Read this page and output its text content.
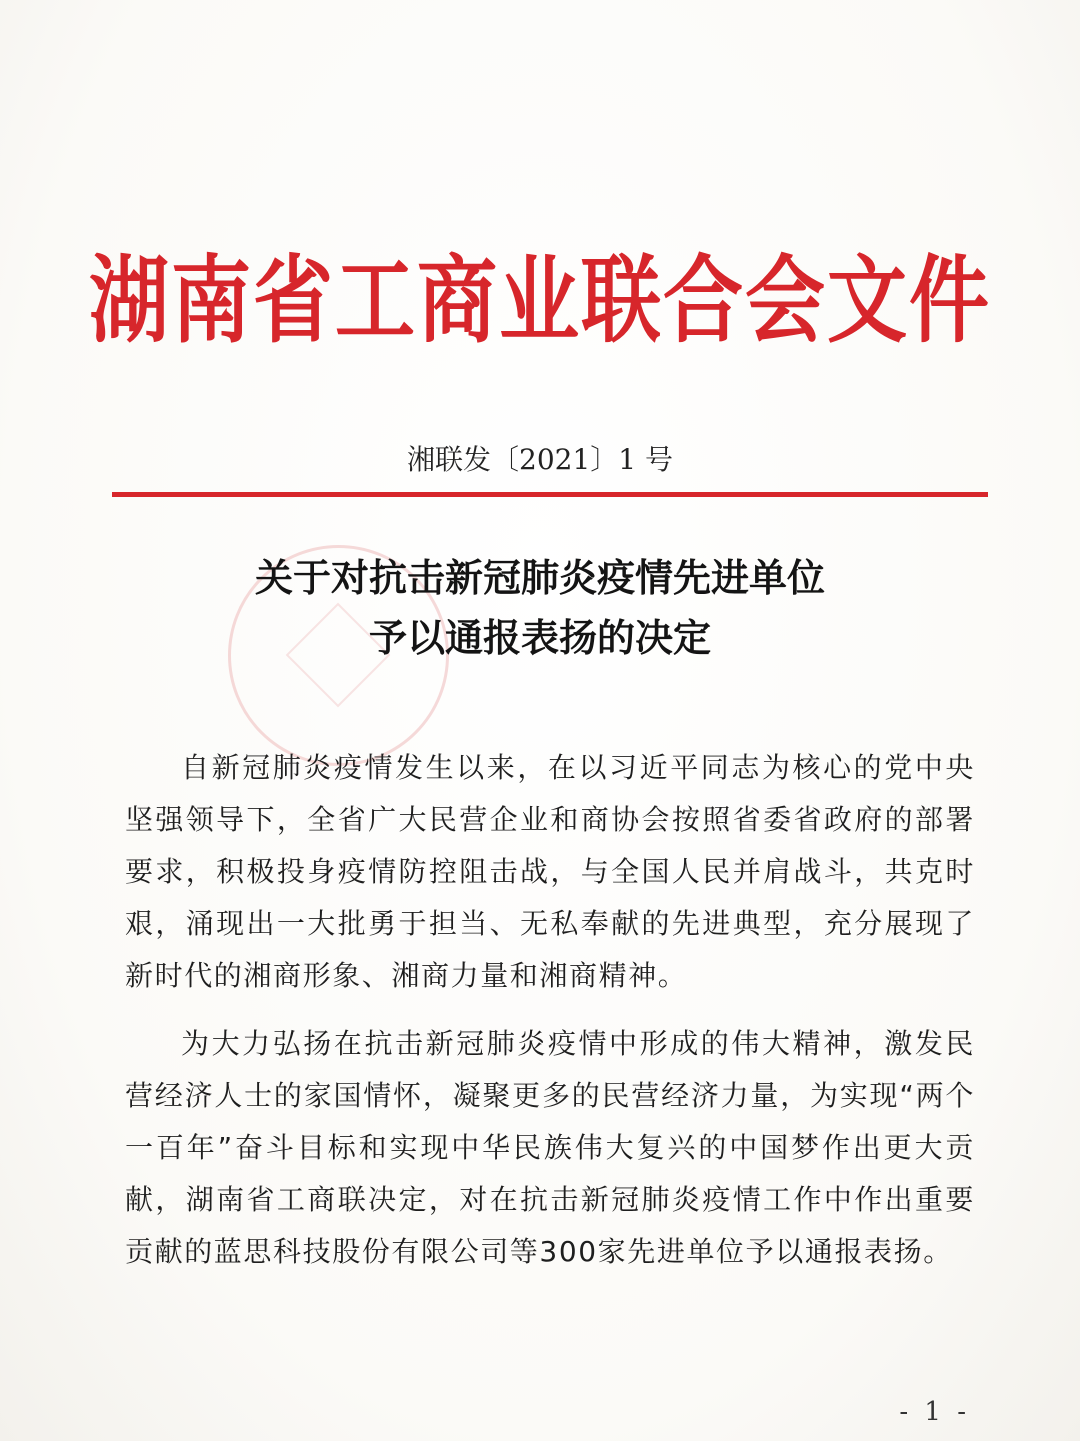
湖南省工商业联合会文件
湘联发〔2021〕1 号
关于对抗击新冠肺炎疫情先进单位
予以通报表扬的决定

自新冠肺炎疫情发生以来，在以习近平同志为核心的党中央坚强领导下，全省广大民营企业和商协会按照省委省政府的部署要求，积极投身疫情防控阻击战，与全国人民并肩战斗，共克时艰，涌现出一大批勇于担当、无私奉献的先进典型，充分展现了新时代的湘商形象、湘商力量和湘商精神。

为大力弘扬在抗击新冠肺炎疫情中形成的伟大精神，激发民营经济人士的家国情怀，凝聚更多的民营经济力量，为实现“两个一百年”奋斗目标和实现中华民族伟大复兴的中国梦作出更大贡献，湖南省工商联决定，对在抗击新冠肺炎疫情工作中作出重要贡献的蓝思科技股份有限公司等300家先进单位予以通报表扬。

- 1 -
